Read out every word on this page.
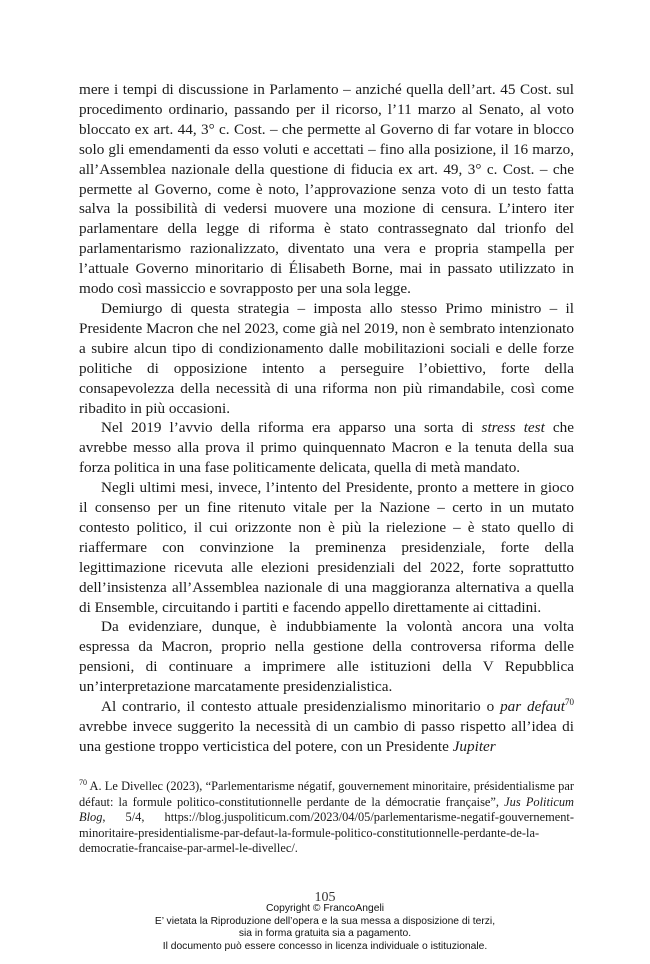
mere i tempi di discussione in Parlamento – anziché quella dell’art. 45 Cost. sul procedimento ordinario, passando per il ricorso, l’11 marzo al Senato, al voto bloccato ex art. 44, 3° c. Cost. – che permette al Governo di far votare in blocco solo gli emendamenti da esso voluti e accettati – fino alla posizione, il 16 marzo, all’Assemblea nazionale della questione di fiducia ex art. 49, 3° c. Cost. – che permette al Governo, come è noto, l’approvazione senza voto di un testo fatta salva la possibilità di vedersi muovere una mozione di censura. L’intero iter parlamentare della legge di riforma è stato contrassegnato dal trionfo del parlamentarismo razionalizzato, diventato una vera e propria stampella per l’attuale Governo minoritario di Élisabeth Borne, mai in passato utilizzato in modo così massiccio e sovrapposto per una sola legge.

Demiurgo di questa strategia – imposta allo stesso Primo ministro – il Presidente Macron che nel 2023, come già nel 2019, non è sembrato intenzionato a subire alcun tipo di condizionamento dalle mobilitazioni sociali e delle forze politiche di opposizione intento a perseguire l’obiettivo, forte della consapevolezza della necessità di una riforma non più rimandabile, così come ribadito in più occasioni.

Nel 2019 l’avvio della riforma era apparso una sorta di stress test che avrebbe messo alla prova il primo quinquennato Macron e la tenuta della sua forza politica in una fase politicamente delicata, quella di metà mandato.

Negli ultimi mesi, invece, l’intento del Presidente, pronto a mettere in gioco il consenso per un fine ritenuto vitale per la Nazione – certo in un mutato contesto politico, il cui orizzonte non è più la rielezione – è stato quello di riaffermare con convinzione la preminenza presidenziale, forte della legittimazione ricevuta alle elezioni presidenziali del 2022, forte soprattutto dell’insistenza all’Assemblea nazionale di una maggioranza alternativa a quella di Ensemble, circuitando i partiti e facendo appello direttamente ai cittadini.

Da evidenziare, dunque, è indubbiamente la volontà ancora una volta espressa da Macron, proprio nella gestione della controversa riforma delle pensioni, di continuare a imprimere alle istituzioni della V Repubblica un’interpretazione marcatamente presidenzialistica.

Al contrario, il contesto attuale presidenzialismo minoritario o par defaut$^{70}$ avrebbe invece suggerito la necessità di un cambio di passo rispetto all’idea di una gestione troppo verticistica del potere, con un Presidente Jupiter

$^{70}$ A. Le Divellec (2023), “Parlementarisme négatif, gouvernement minoritaire, présidentialisme par défaut: la formule politico-constitutionnelle perdante de la démocratie française”, Jus Politicum Blog, 5/4, https://blog.juspoliticum.com/2023/04/05/parlementarisme-negatif-gouvernement-minoritaire-presidentialisme-par-defaut-la-formule-politico-constitutionnelle-perdante-de-la-democratie-francaise-par-armel-le-divellec/.

105
Copyright © FrancoAngeli
E’ vietata la Riproduzione dell’opera e la sua messa a disposizione di terzi,
sia in forma gratuita sia a pagamento.
Il documento può essere concesso in licenza individuale o istituzionale.
